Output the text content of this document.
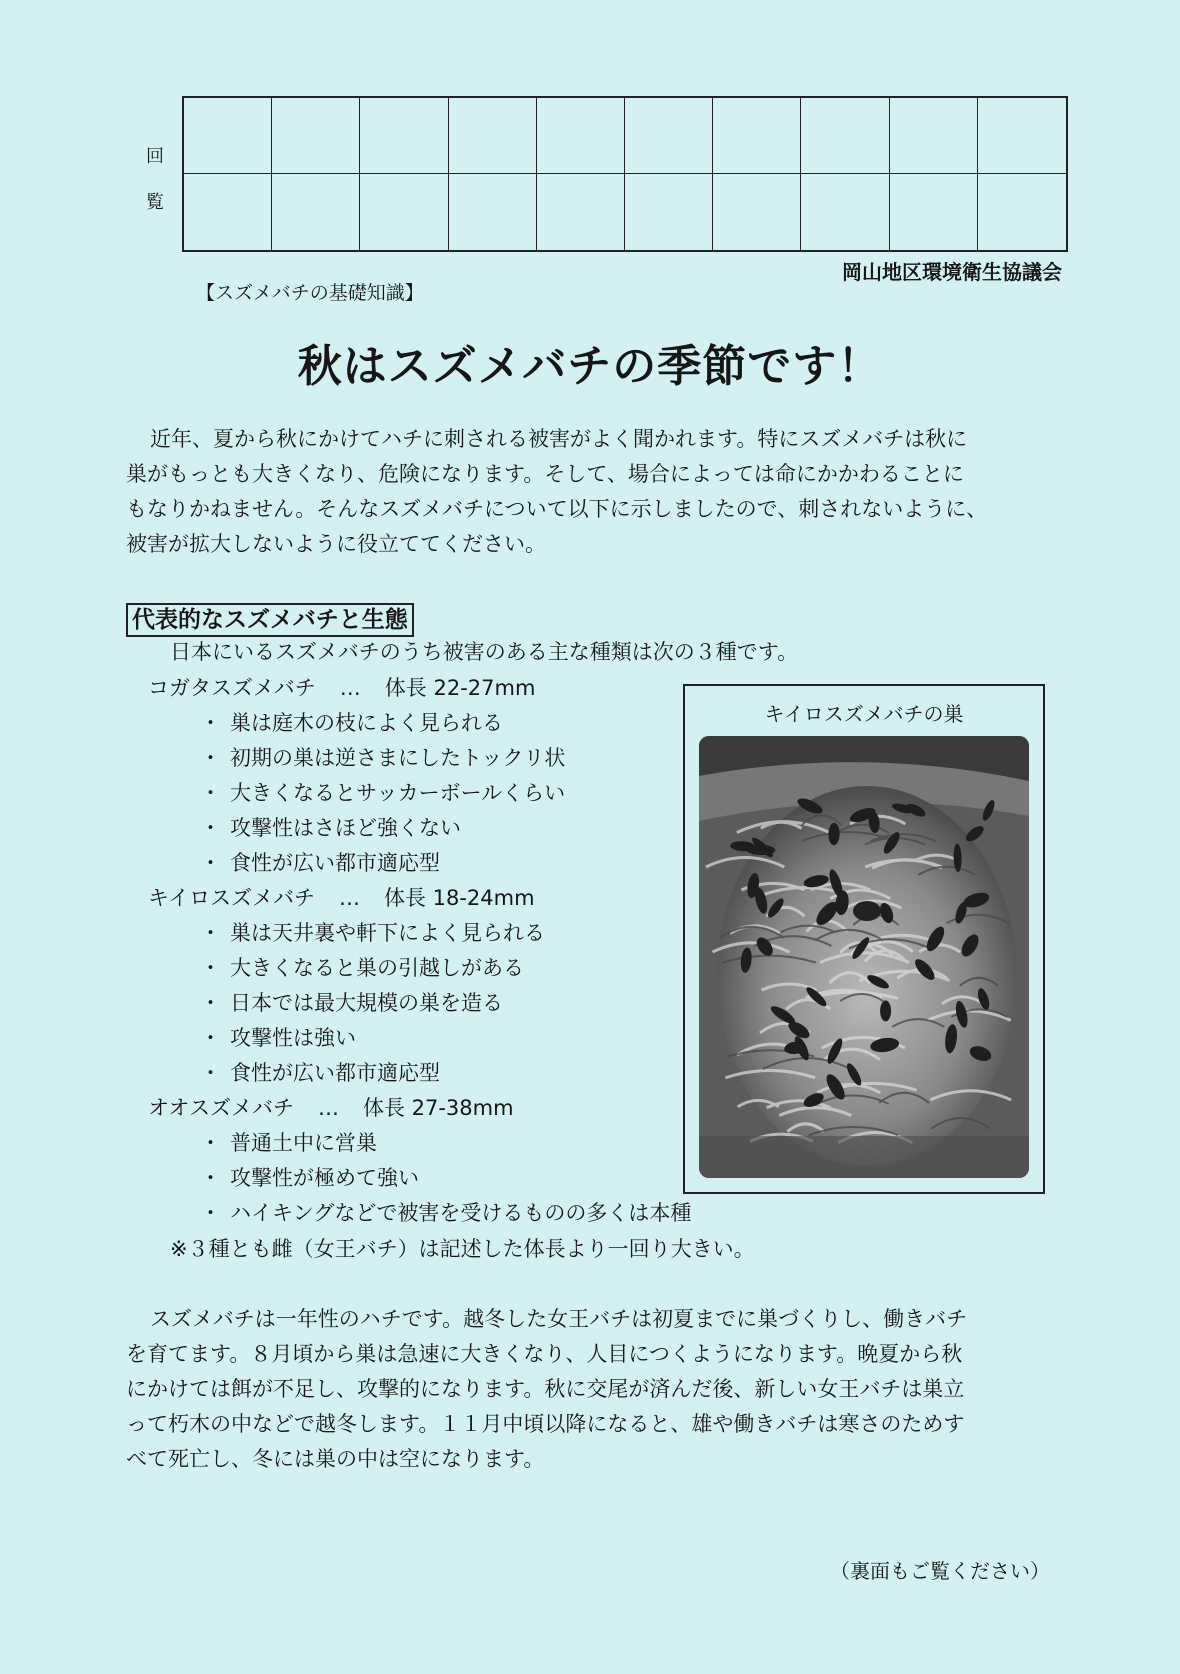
回
覧
岡山地区環境衛生協議会
【スズメバチの基礎知識】
秋はスズメバチの季節です！
近年、夏から秋にかけてハチに刺される被害がよく聞かれます。特にスズメバチは秋に
巣がもっとも大きくなり、危険になります。そして、場合によっては命にかかわることに
もなりかねません。そんなスズメバチについて以下に示しましたので、刺されないように、
被害が拡大しないように役立ててください。
代表的なスズメバチと生態
日本にいるスズメバチのうち被害のある主な種類は次の３種です。
コガタスズメバチ … 体長 22-27mm
・ 巣は庭木の枝によく見られる
・ 初期の巣は逆さまにしたトックリ状
・ 大きくなるとサッカーボールくらい
・ 攻撃性はさほど強くない
・ 食性が広い都市適応型
キイロスズメバチ … 体長 18-24mm
・ 巣は天井裏や軒下によく見られる
・ 大きくなると巣の引越しがある
・ 日本では最大規模の巣を造る
・ 攻撃性は強い
・ 食性が広い都市適応型
オオスズメバチ … 体長 27-38mm
・ 普通土中に営巣
・ 攻撃性が極めて強い
・ ハイキングなどで被害を受けるものの多くは本種
※３種とも雌（女王バチ）は記述した体長より一回り大きい。
キイロスズメバチの巣
スズメバチは一年性のハチです。越冬した女王バチは初夏までに巣づくりし、働きバチ
を育てます。８月頃から巣は急速に大きくなり、人目につくようになります。晩夏から秋
にかけては餌が不足し、攻撃的になります。秋に交尾が済んだ後、新しい女王バチは巣立
って朽木の中などで越冬します。１１月中頃以降になると、雄や働きバチは寒さのためす
べて死亡し、冬には巣の中は空になります。
（裏面もご覧ください）
